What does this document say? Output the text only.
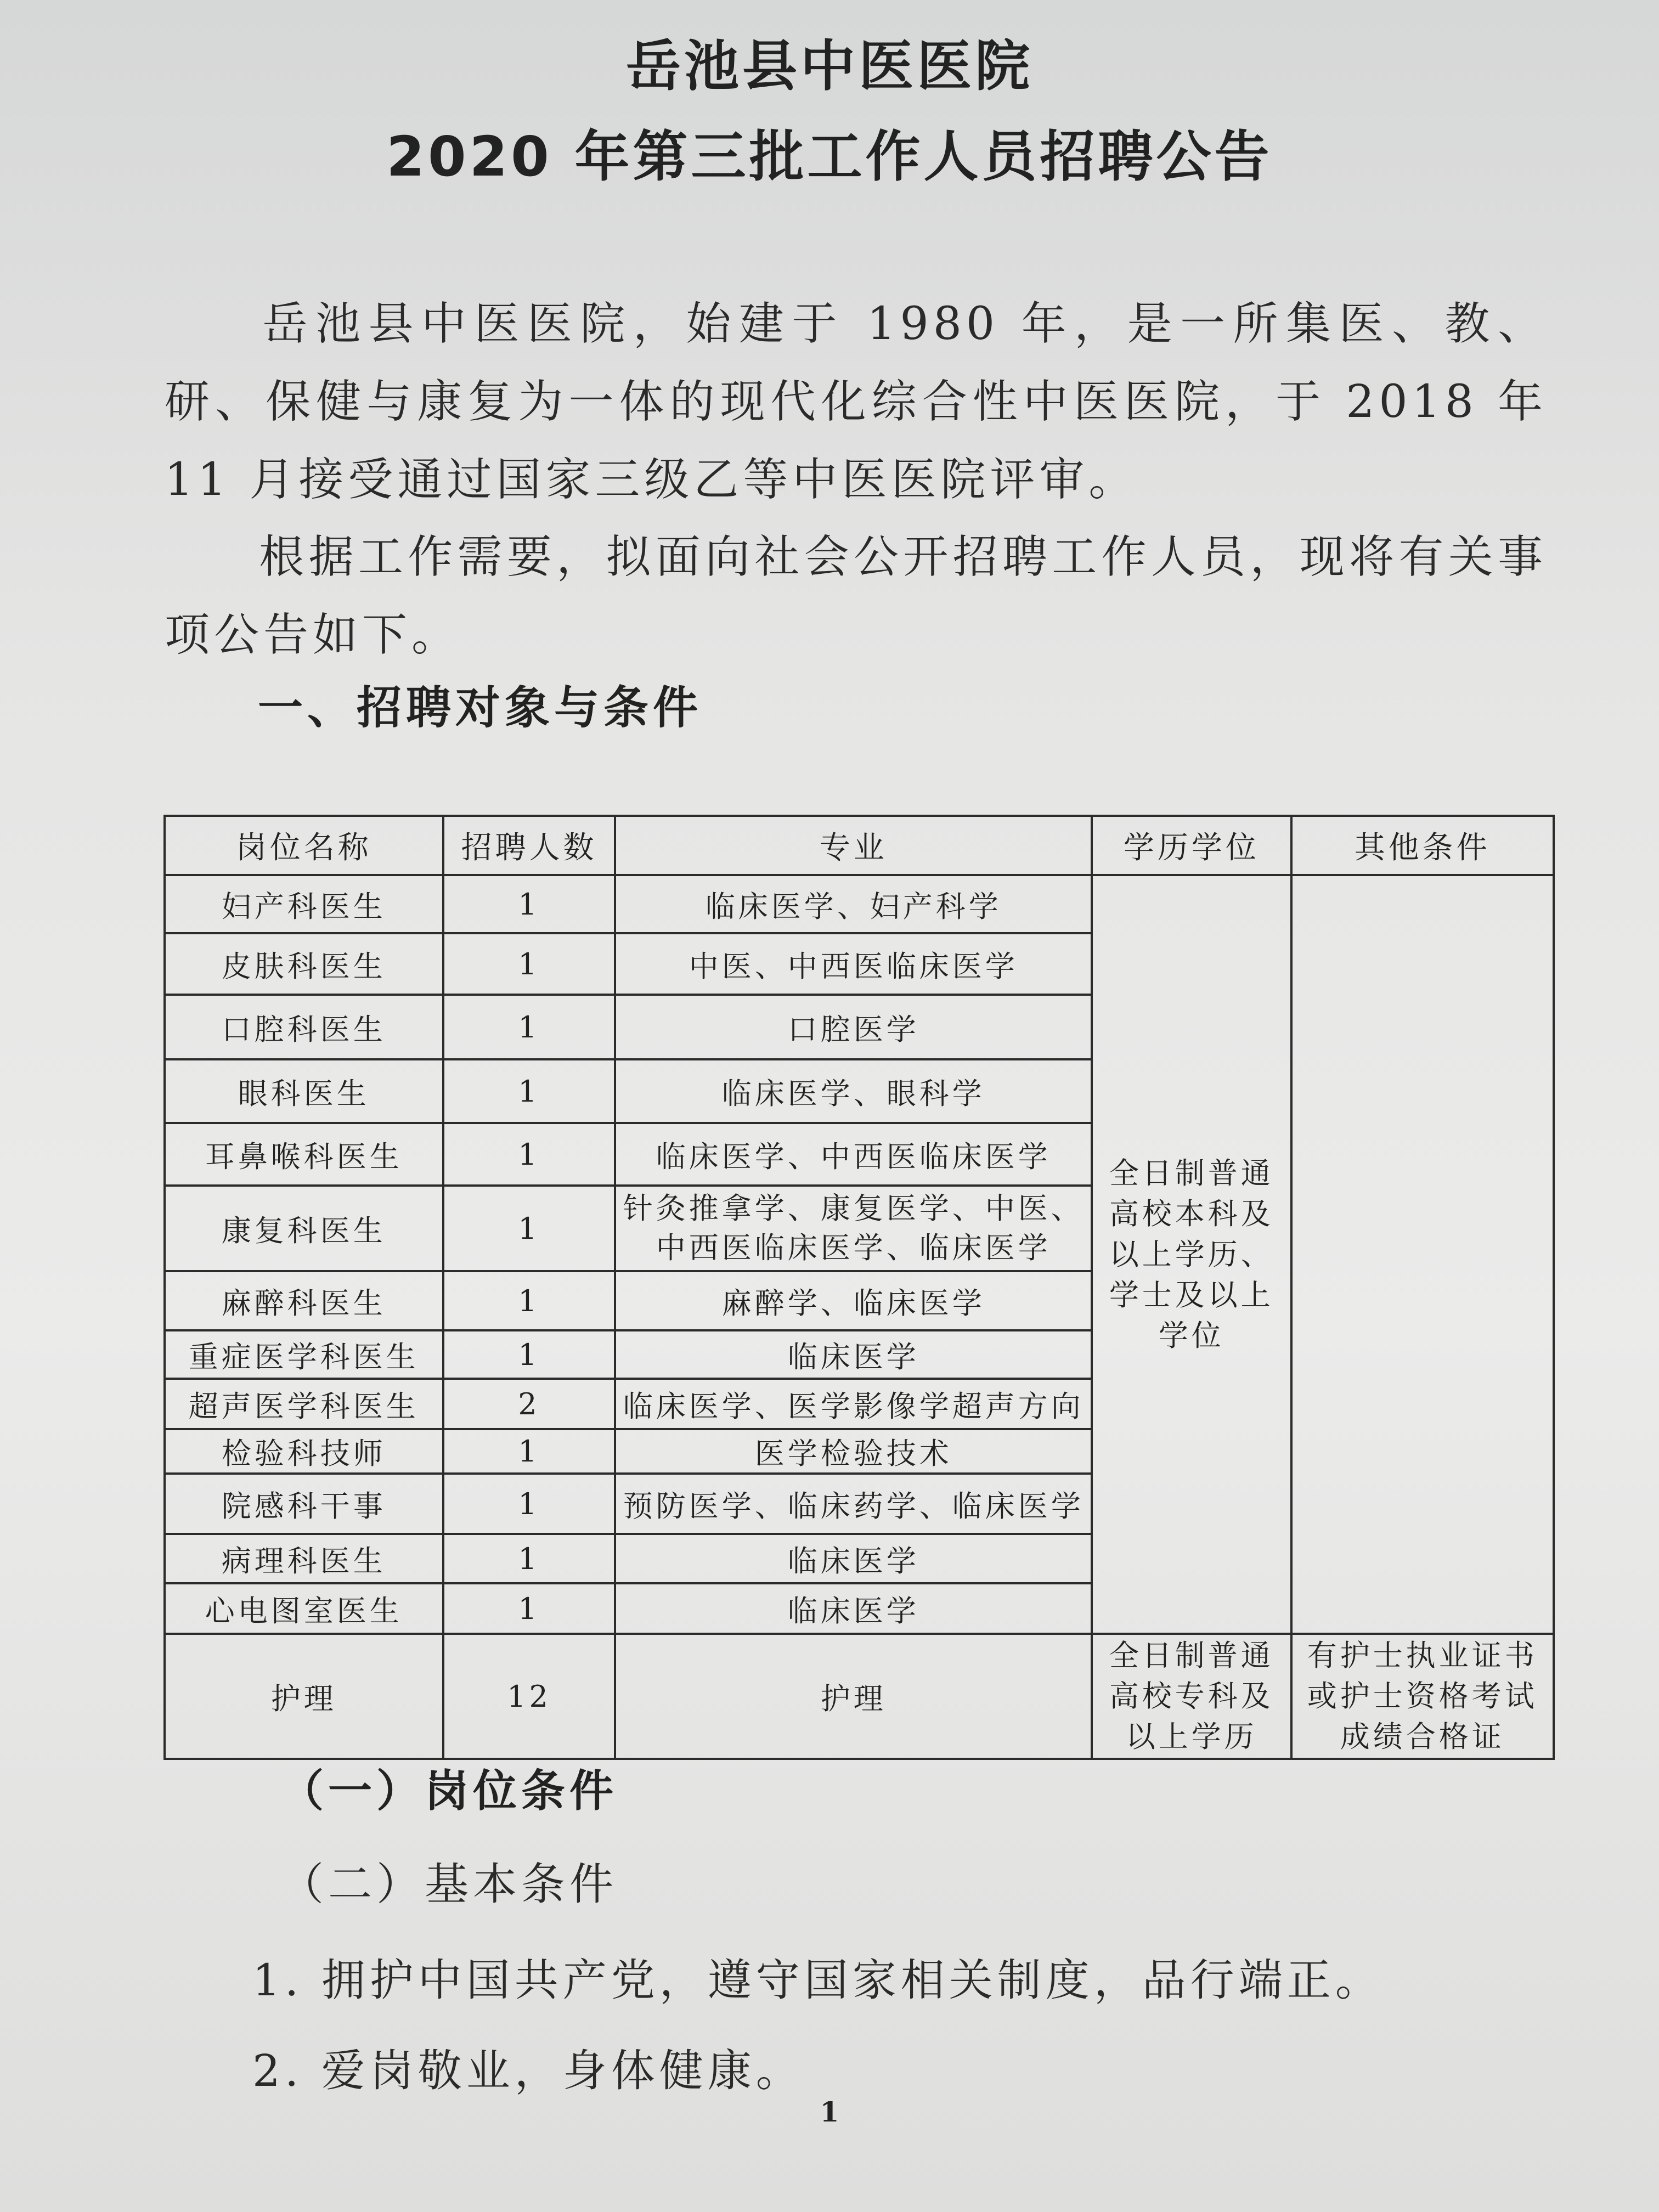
岳池县中医医院
2020 年第三批工作人员招聘公告
岳池县中医医院，始建于 1980 年，是一所集医、教、研、保健与康复为一体的现代化综合性中医医院，于 2018 年 11 月接受通过国家三级乙等中医医院评审。
根据工作需要，拟面向社会公开招聘工作人员，现将有关事项公告如下。
一、招聘对象与条件
岗位名称	招聘人数	专业	学历学位	其他条件
妇产科医生	1	临床医学、妇产科学	全日制普通高校本科及以上学历、学士及以上学位	
皮肤科医生	1	中医、中西医临床医学		
口腔科医生	1	口腔医学		
眼科医生	1	临床医学、眼科学		
耳鼻喉科医生	1	临床医学、中西医临床医学		
康复科医生	1	针灸推拿学、康复医学、中医、中西医临床医学、临床医学		
麻醉科医生	1	麻醉学、临床医学		
重症医学科医生	1	临床医学		
超声医学科医生	2	临床医学、医学影像学超声方向		
检验科技师	1	医学检验技术		
院感科干事	1	预防医学、临床药学、临床医学		
病理科医生	1	临床医学		
心电图室医生	1	临床医学		
护理	12	护理	全日制普通高校专科及以上学历	有护士执业证书或护士资格考试成绩合格证
（一）岗位条件
（二）基本条件
1. 拥护中国共产党，遵守国家相关制度，品行端正。
2. 爱岗敬业，身体健康。
1
